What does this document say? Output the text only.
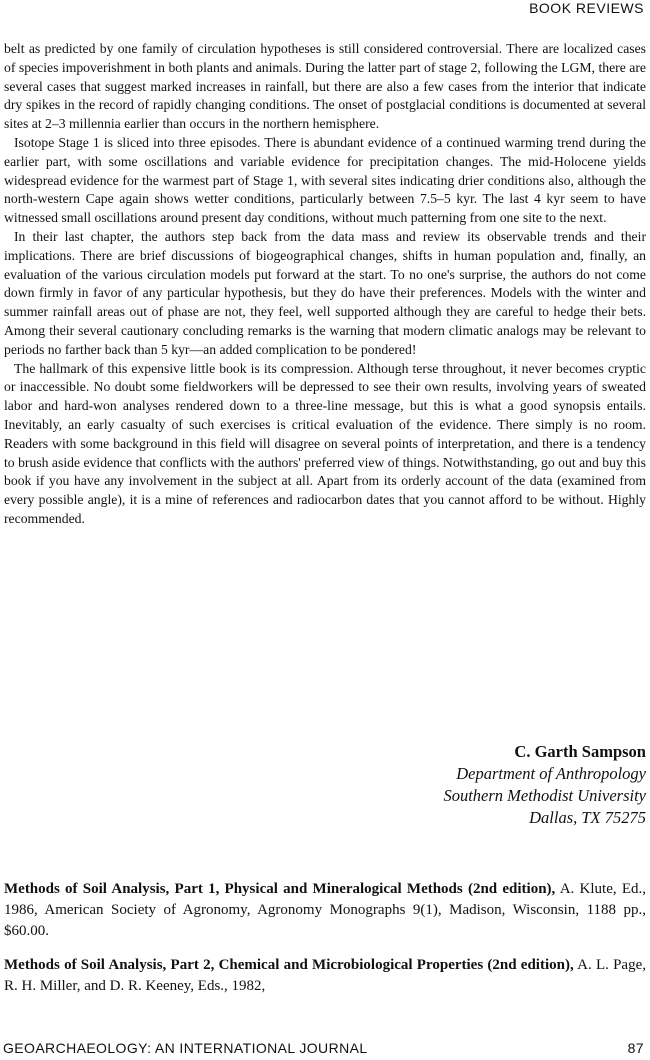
BOOK REVIEWS

belt as predicted by one family of circulation hypotheses is still considered controversial. There are localized cases of species impoverishment in both plants and animals. During the latter part of stage 2, following the LGM, there are several cases that suggest marked increases in rainfall, but there are also a few cases from the interior that indicate dry spikes in the record of rapidly changing conditions. The onset of postglacial conditions is documented at several sites at 2–3 millennia earlier than occurs in the northern hemisphere.

Isotope Stage 1 is sliced into three episodes. There is abundant evidence of a continued warming trend during the earlier part, with some oscillations and variable evidence for precipitation changes. The mid-Holocene yields widespread evidence for the warmest part of Stage 1, with several sites indicating drier conditions also, although the north-western Cape again shows wetter conditions, particularly between 7.5–5 kyr. The last 4 kyr seem to have witnessed small oscillations around present day conditions, without much patterning from one site to the next.

In their last chapter, the authors step back from the data mass and review its observable trends and their implications. There are brief discussions of biogeographical changes, shifts in human population and, finally, an evaluation of the various circulation models put forward at the start. To no one's surprise, the authors do not come down firmly in favor of any particular hypothesis, but they do have their preferences. Models with the winter and summer rainfall areas out of phase are not, they feel, well supported although they are careful to hedge their bets. Among their several cautionary concluding remarks is the warning that modern climatic analogs may be relevant to periods no farther back than 5 kyr—an added complication to be pondered!

The hallmark of this expensive little book is its compression. Although terse throughout, it never becomes cryptic or inaccessible. No doubt some fieldworkers will be depressed to see their own results, involving years of sweated labor and hard-won analyses rendered down to a three-line message, but this is what a good synopsis entails. Inevitably, an early casualty of such exercises is critical evaluation of the evidence. There simply is no room. Readers with some background in this field will disagree on several points of interpretation, and there is a tendency to brush aside evidence that conflicts with the authors' preferred view of things. Notwithstanding, go out and buy this book if you have any involvement in the subject at all. Apart from its orderly account of the data (examined from every possible angle), it is a mine of references and radiocarbon dates that you cannot afford to be without. Highly recommended.

C. Garth Sampson
Department of Anthropology
Southern Methodist University
Dallas, TX 75275

Methods of Soil Analysis, Part 1, Physical and Mineralogical Methods (2nd edition), A. Klute, Ed., 1986, American Society of Agronomy, Agronomy Monographs 9(1), Madison, Wisconsin, 1188 pp., $60.00.

Methods of Soil Analysis, Part 2, Chemical and Microbiological Properties (2nd edition), A. L. Page, R. H. Miller, and D. R. Keeney, Eds., 1982,

GEOARCHAEOLOGY: AN INTERNATIONAL JOURNAL	87
